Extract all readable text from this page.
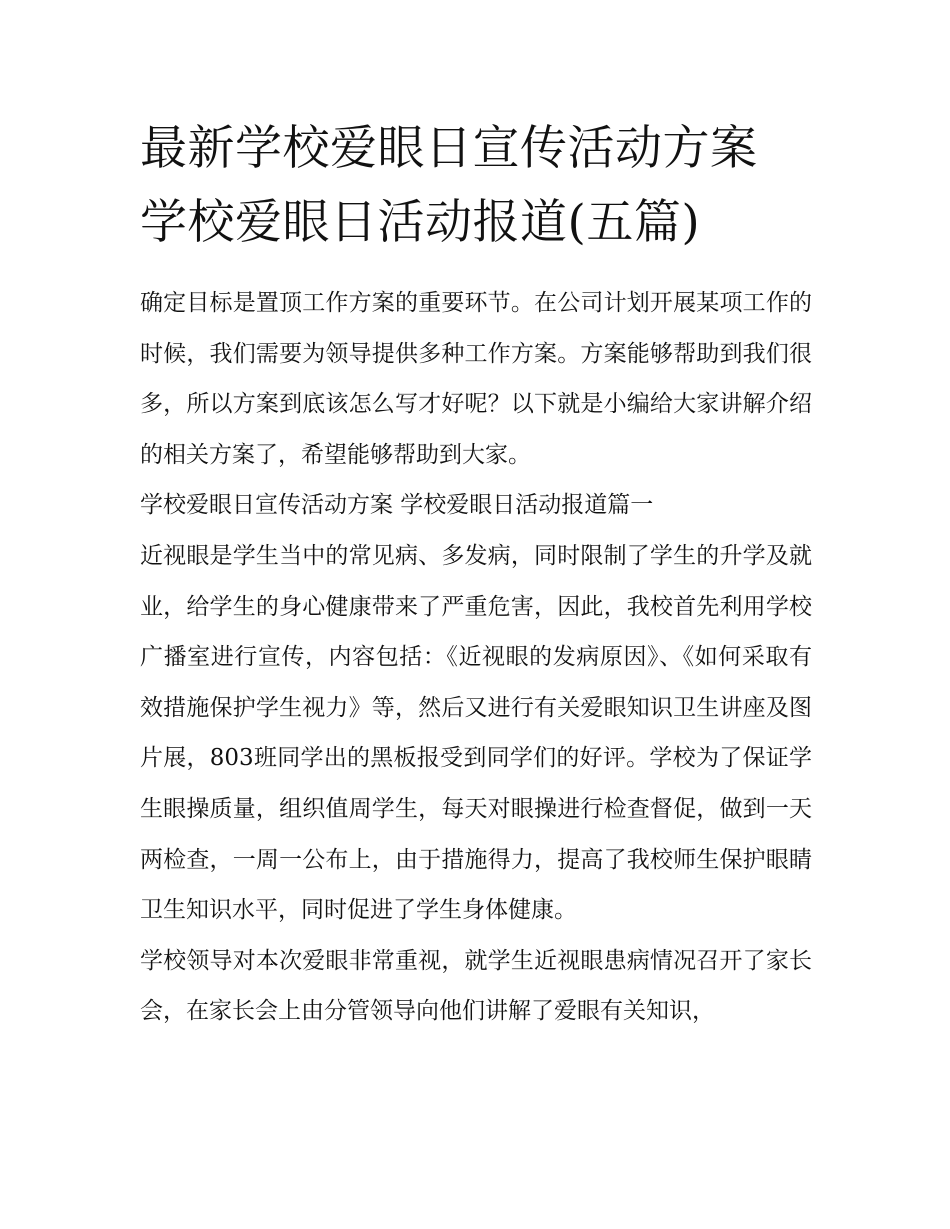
最新学校爱眼日宣传活动方案 学校爱眼日活动报道(五篇)

确定目标是置顶工作方案的重要环节。在公司计划开展某项工作的时候，我们需要为领导提供多种工作方案。方案能够帮助到我们很多，所以方案到底该怎么写才好呢？以下就是小编给大家讲解介绍的相关方案了，希望能够帮助到大家。

学校爱眼日宣传活动方案 学校爱眼日活动报道篇一

近视眼是学生当中的常见病、多发病，同时限制了学生的升学及就业，给学生的身心健康带来了严重危害，因此，我校首先利用学校广播室进行宣传，内容包括：《近视眼的发病原因》、《如何采取有效措施保护学生视力》等，然后又进行有关爱眼知识卫生讲座及图片展，803班同学出的黑板报受到同学们的好评。学校为了保证学生眼操质量，组织值周学生，每天对眼操进行检查督促，做到一天两检查，一周一公布上，由于措施得力，提高了我校师生保护眼睛卫生知识水平，同时促进了学生身体健康。

学校领导对本次爱眼非常重视，就学生近视眼患病情况召开了家长会，在家长会上由分管领导向他们讲解了爱眼有关知识，
